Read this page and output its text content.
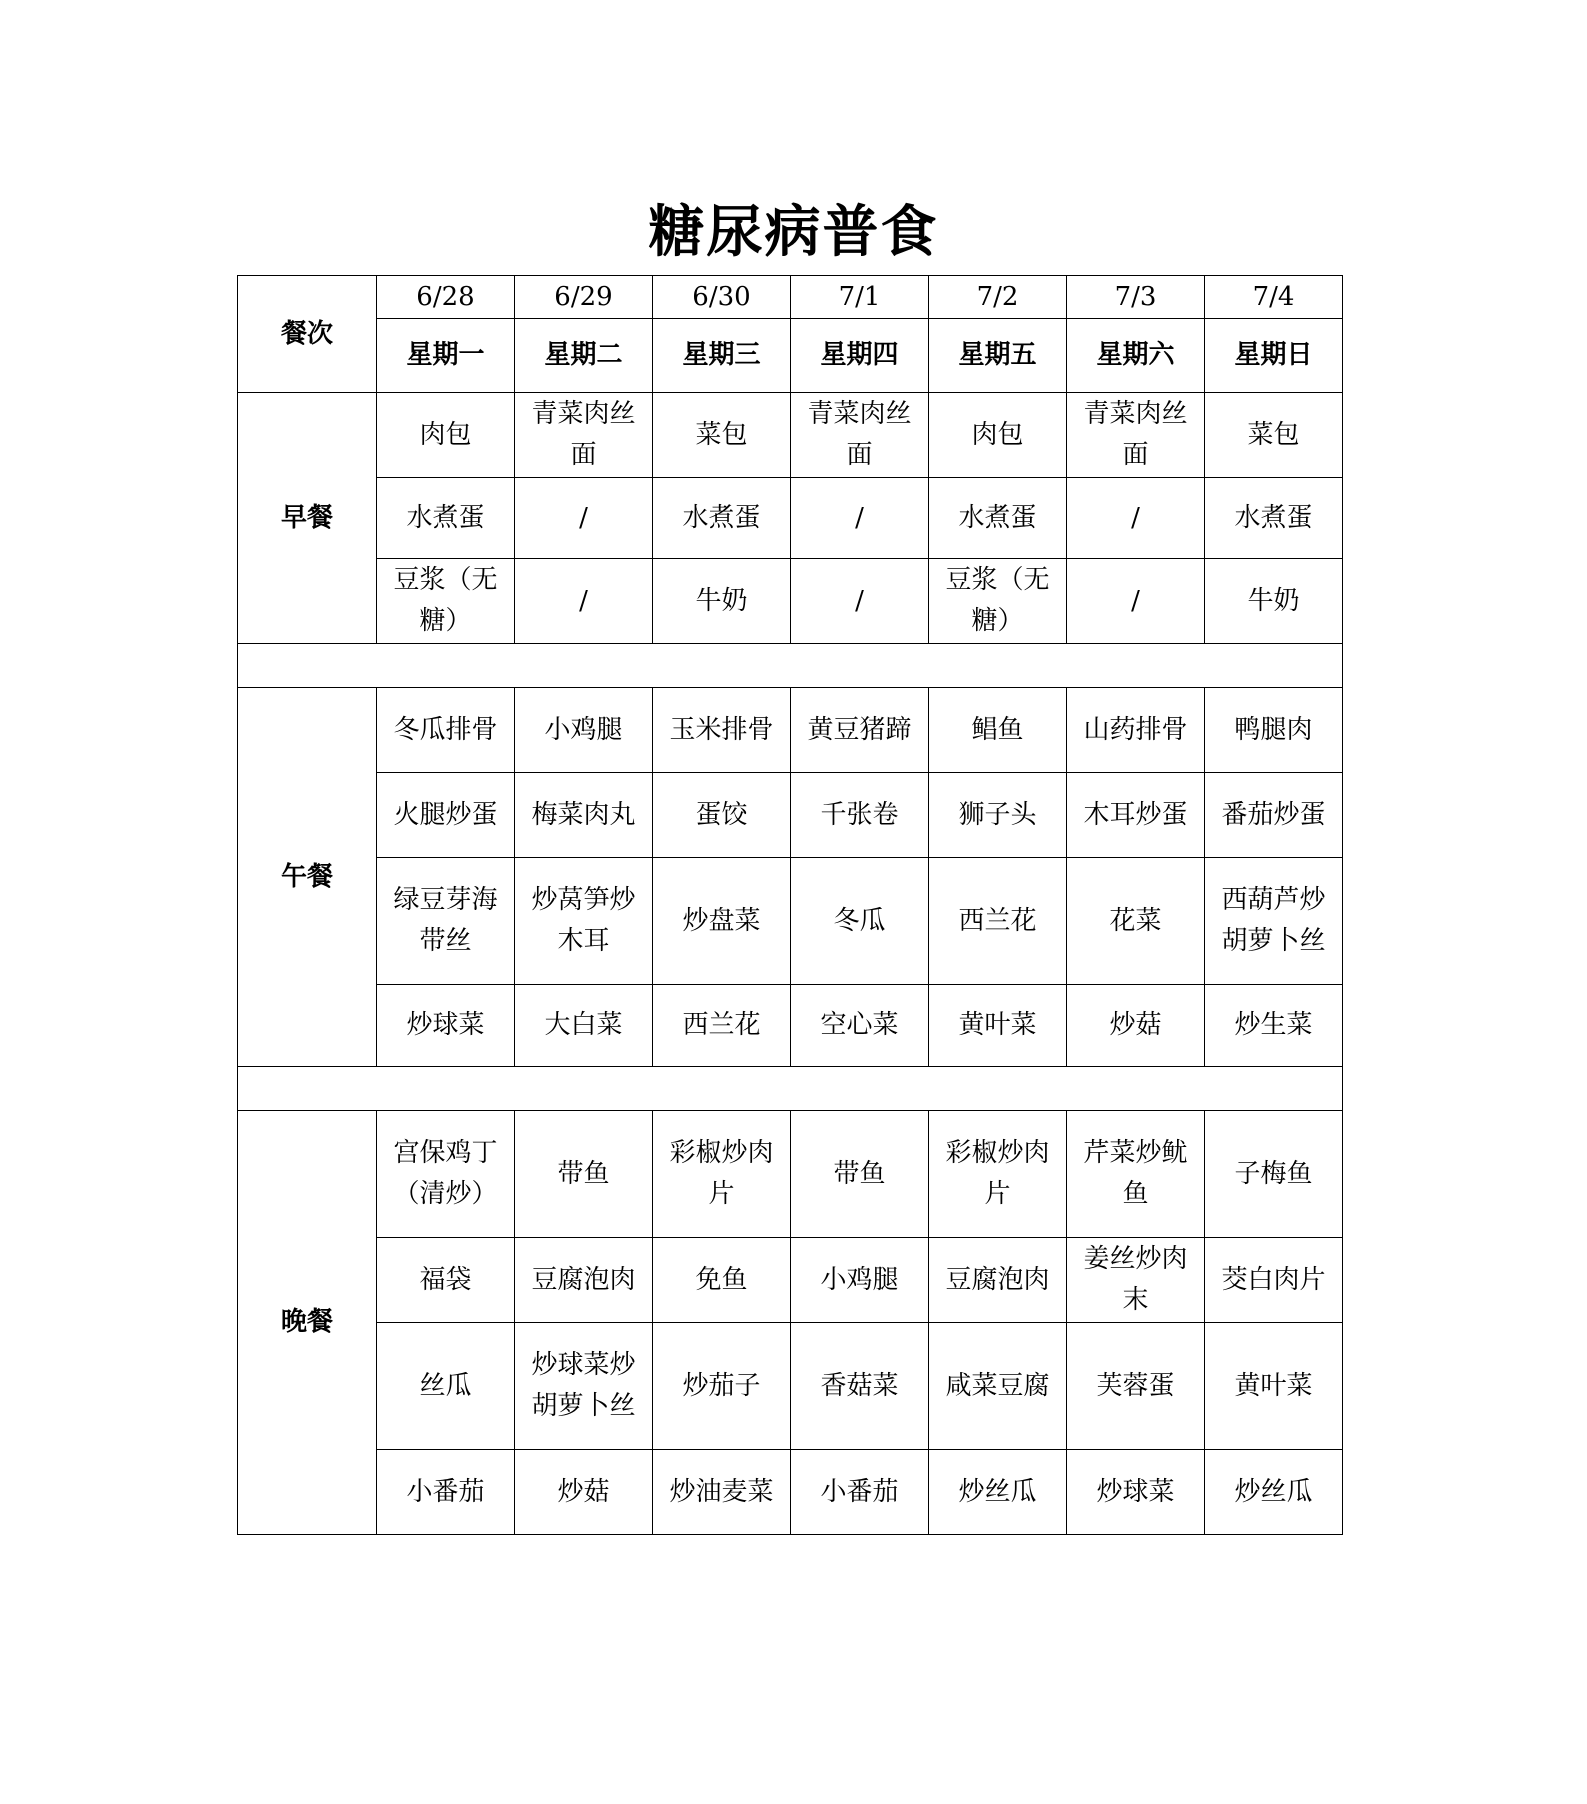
糖尿病普食
餐次	6/28	6/29	6/30	7/1	7/2	7/3	7/4
	星期一	星期二	星期三	星期四	星期五	星期六	星期日
早餐	肉包	青菜肉丝面	菜包	青菜肉丝面	肉包	青菜肉丝面	菜包
	水煮蛋	/	水煮蛋	/	水煮蛋	/	水煮蛋
	豆浆（无糖）	/	牛奶	/	豆浆（无糖）	/	牛奶

午餐	冬瓜排骨	小鸡腿	玉米排骨	黄豆猪蹄	鲳鱼	山药排骨	鸭腿肉
	火腿炒蛋	梅菜肉丸	蛋饺	千张卷	狮子头	木耳炒蛋	番茄炒蛋
	绿豆芽海带丝	炒莴笋炒木耳	炒盘菜	冬瓜	西兰花	花菜	西葫芦炒胡萝卜丝
	炒球菜	大白菜	西兰花	空心菜	黄叶菜	炒菇	炒生菜

晚餐	宫保鸡丁（清炒）	带鱼	彩椒炒肉片	带鱼	彩椒炒肉片	芹菜炒鱿鱼	子梅鱼
	福袋	豆腐泡肉	免鱼	小鸡腿	豆腐泡肉	姜丝炒肉末	茭白肉片
	丝瓜	炒球菜炒胡萝卜丝	炒茄子	香菇菜	咸菜豆腐	芙蓉蛋	黄叶菜
	小番茄	炒菇	炒油麦菜	小番茄	炒丝瓜	炒球菜	炒丝瓜
